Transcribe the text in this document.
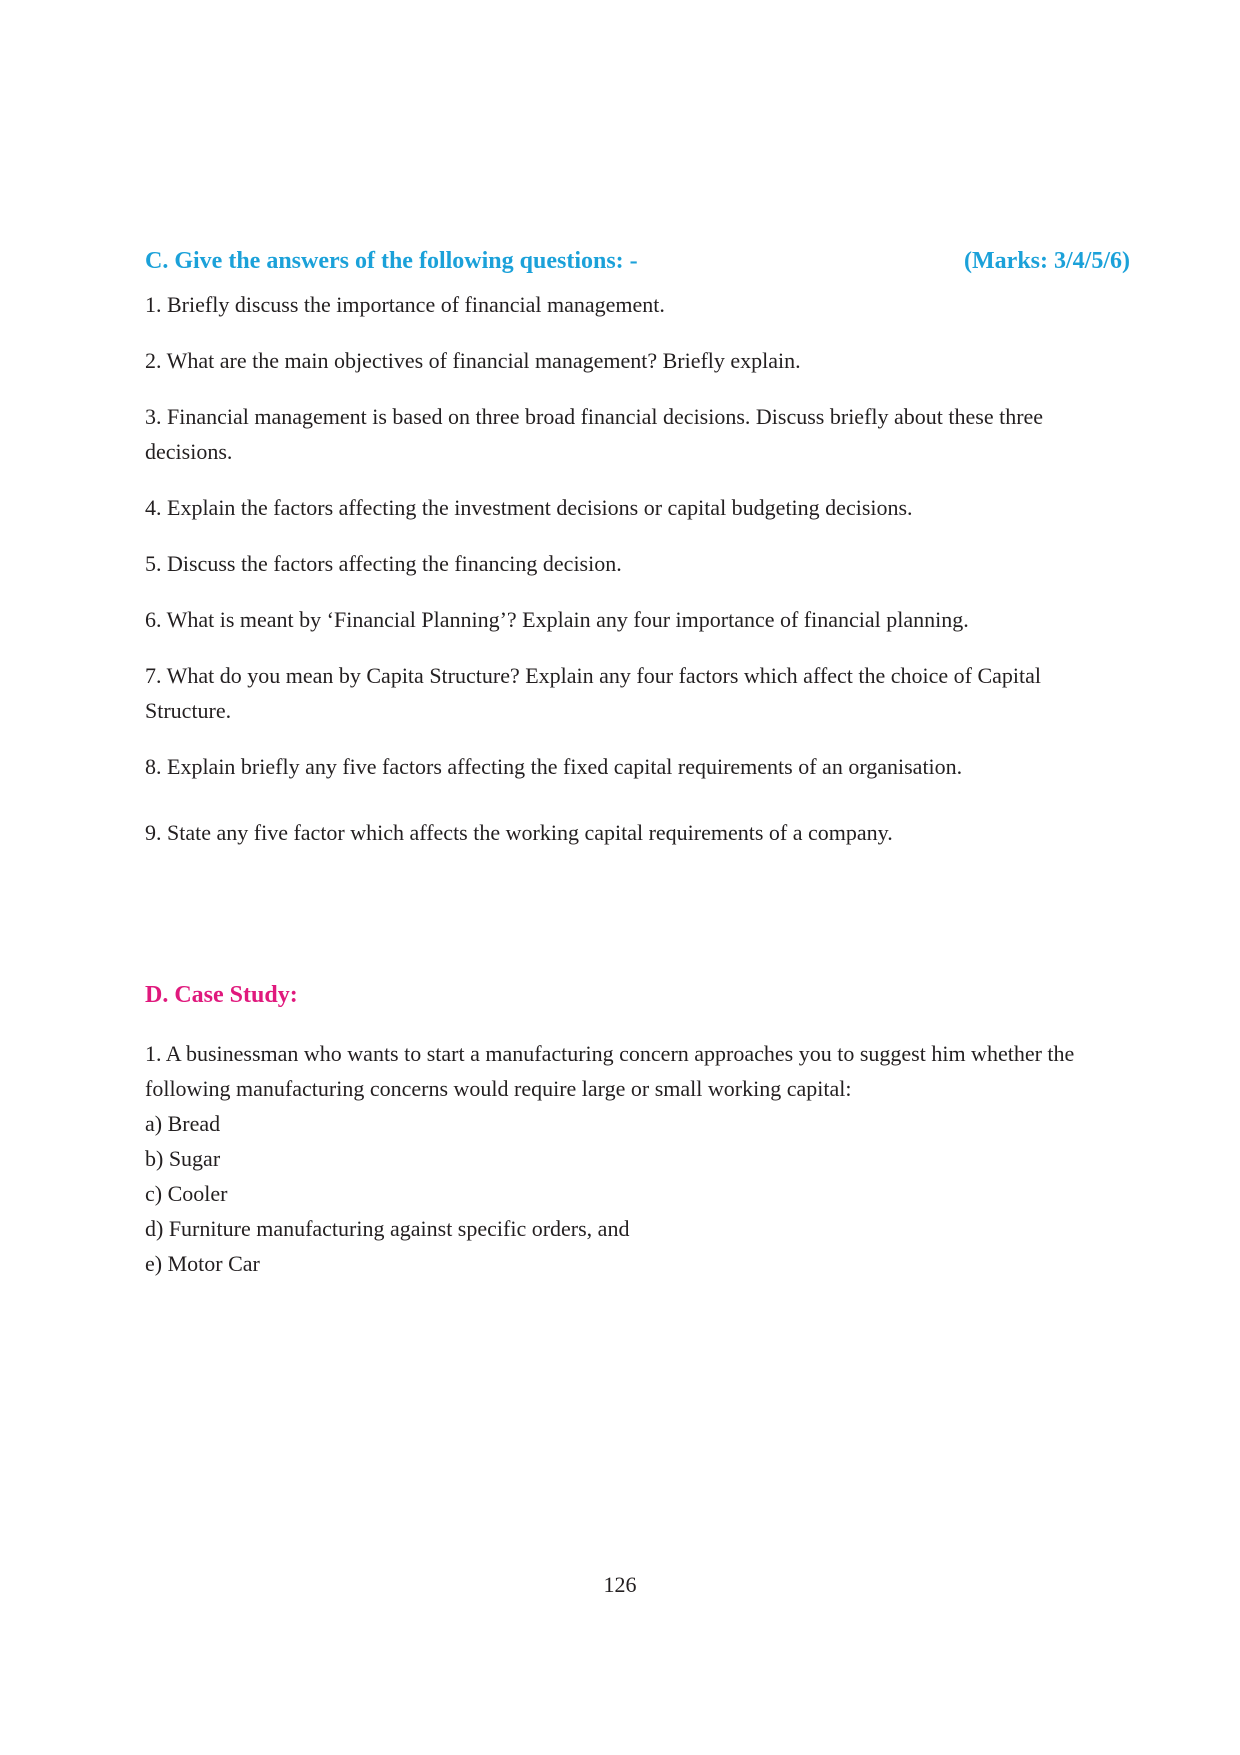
C. Give the answers of the following questions: -	(Marks: 3/4/5/6)

1. Briefly discuss the importance of financial management.

2. What are the main objectives of financial management? Briefly explain.

3. Financial management is based on three broad financial decisions. Discuss briefly about these three decisions.

4. Explain the factors affecting the investment decisions or capital budgeting decisions.

5. Discuss the factors affecting the financing decision.

6. What is meant by ‘Financial Planning’? Explain any four importance of financial planning.

7. What do you mean by Capita Structure? Explain any four factors which affect the choice of Capital Structure.

8. Explain briefly any five factors affecting the fixed capital requirements of an organisation.

9. State any five factor which affects the working capital requirements of a company.

D. Case Study:

1. A businessman who wants to start a manufacturing concern approaches you to suggest him whether the following manufacturing concerns would require large or small working capital:

a) Bread
b) Sugar
c) Cooler
d) Furniture manufacturing against specific orders, and
e) Motor Car
126
